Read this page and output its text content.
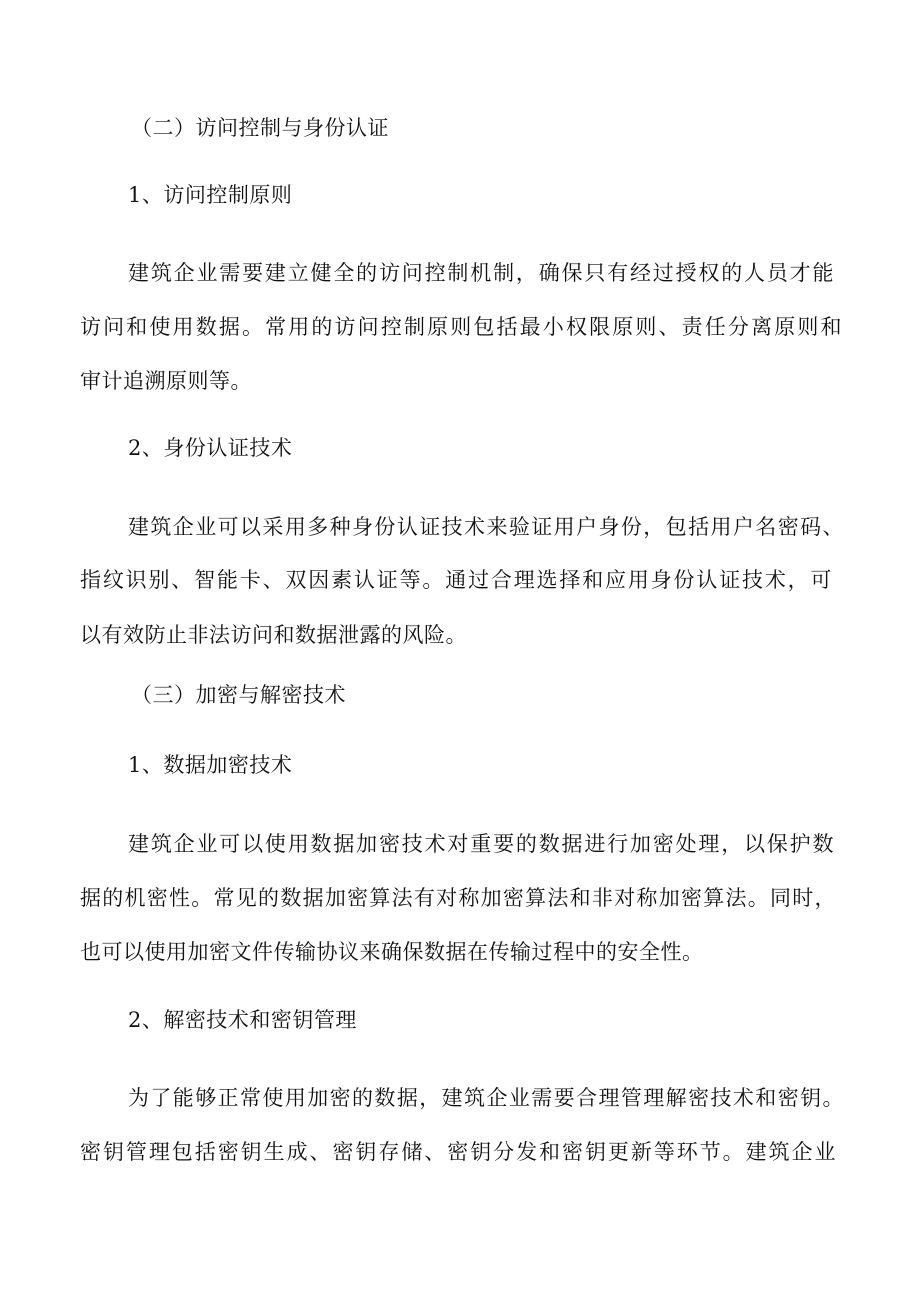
（二）访问控制与身份认证
1、访问控制原则
建筑企业需要建立健全的访问控制机制，确保只有经过授权的人员才能
访问和使用数据。常用的访问控制原则包括最小权限原则、责任分离原则和
审计追溯原则等。
2、身份认证技术
建筑企业可以采用多种身份认证技术来验证用户身份，包括用户名密码、
指纹识别、智能卡、双因素认证等。通过合理选择和应用身份认证技术，可
以有效防止非法访问和数据泄露的风险。
（三）加密与解密技术
1、数据加密技术
建筑企业可以使用数据加密技术对重要的数据进行加密处理，以保护数
据的机密性。常见的数据加密算法有对称加密算法和非对称加密算法。同时，
也可以使用加密文件传输协议来确保数据在传输过程中的安全性。
2、解密技术和密钥管理
为了能够正常使用加密的数据，建筑企业需要合理管理解密技术和密钥。
密钥管理包括密钥生成、密钥存储、密钥分发和密钥更新等环节。建筑企业
